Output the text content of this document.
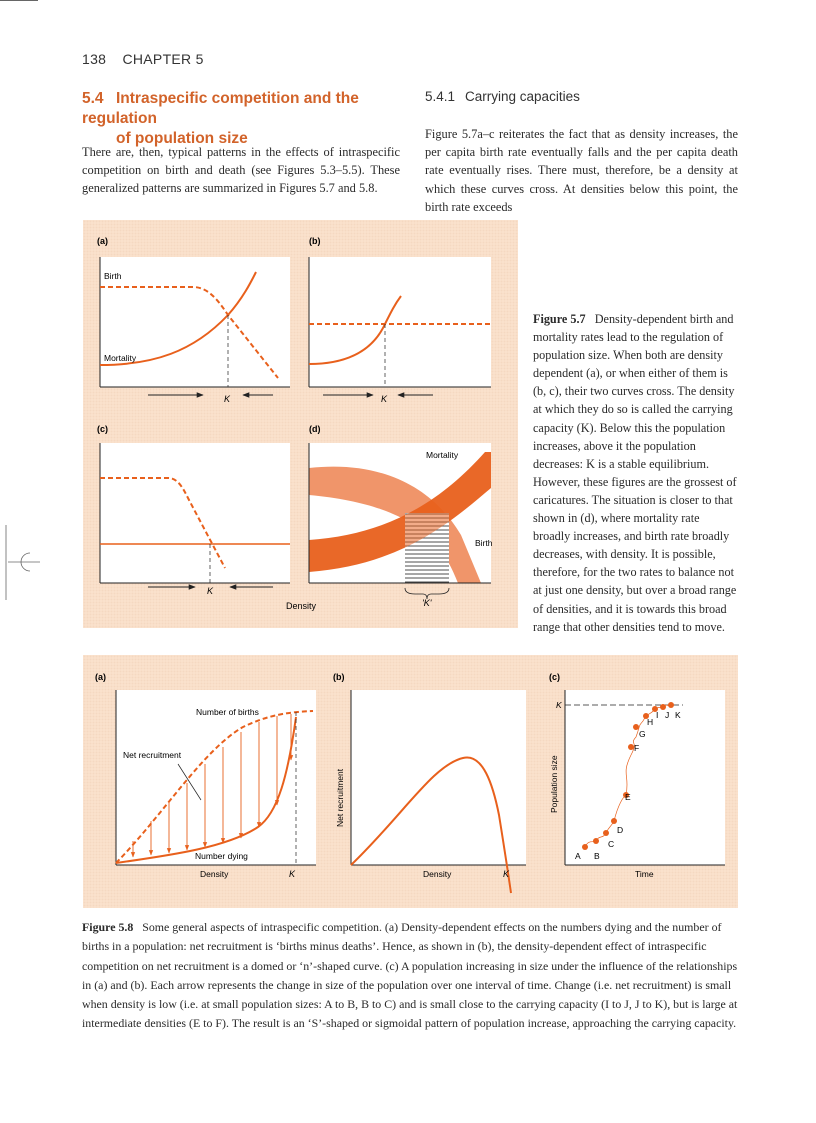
138 CHAPTER 5
5.4 Intraspecific competition and the regulation
of population size
There are, then, typical patterns in the effects of intraspecific competition on birth and death (see Figures 5.3–5.5). These generalized patterns are summarized in Figures 5.7 and 5.8.
5.4.1 Carrying capacities
Figure 5.7a–c reiterates the fact that as density increases, the per capita birth rate eventually falls and the per capita death rate eventually rises. There must, therefore, be a density at which these curves cross. At densities below this point, the birth rate exceeds
(a)
Birth
Mortality
K
(b)
K
(c)
K
(d)
Mortality
Birth
'K'
Density
Figure 5.7 Density-dependent birth and mortality rates lead to the regulation of population size. When both are density dependent (a), or when either of them is (b, c), their two curves cross. The density at which they do so is called the carrying capacity (K). Below this the population increases, above it the population decreases: K is a stable equilibrium. However, these figures are the grossest of caricatures. The situation is closer to that shown in (d), where mortality rate broadly increases, and birth rate broadly decreases, with density. It is possible, therefore, for the two rates to balance not at just one density, but over a broad range of densities, and it is towards this broad range that other densities tend to move.
(a)
Number of births
Net recruitment
Number dying
Density	K
(b)
Net recruitment
Density	K
(c)
A B
C
D
E
F
G
H
I J K
K
Population size
Time
Figure 5.8 Some general aspects of intraspecific competition. (a) Density-dependent effects on the numbers dying and the number of births in a population: net recruitment is ‘births minus deaths’. Hence, as shown in (b), the density-dependent effect of intraspecific competition on net recruitment is a domed or ‘n’-shaped curve. (c) A population increasing in size under the influence of the relationships in (a) and (b). Each arrow represents the change in size of the population over one interval of time. Change (i.e. net recruitment) is small when density is low (i.e. at small population sizes: A to B, B to C) and is small close to the carrying capacity (I to J, J to K), but is large at intermediate densities (E to F). The result is an ‘S’-shaped or sigmoidal pattern of population increase, approaching the carrying capacity.
